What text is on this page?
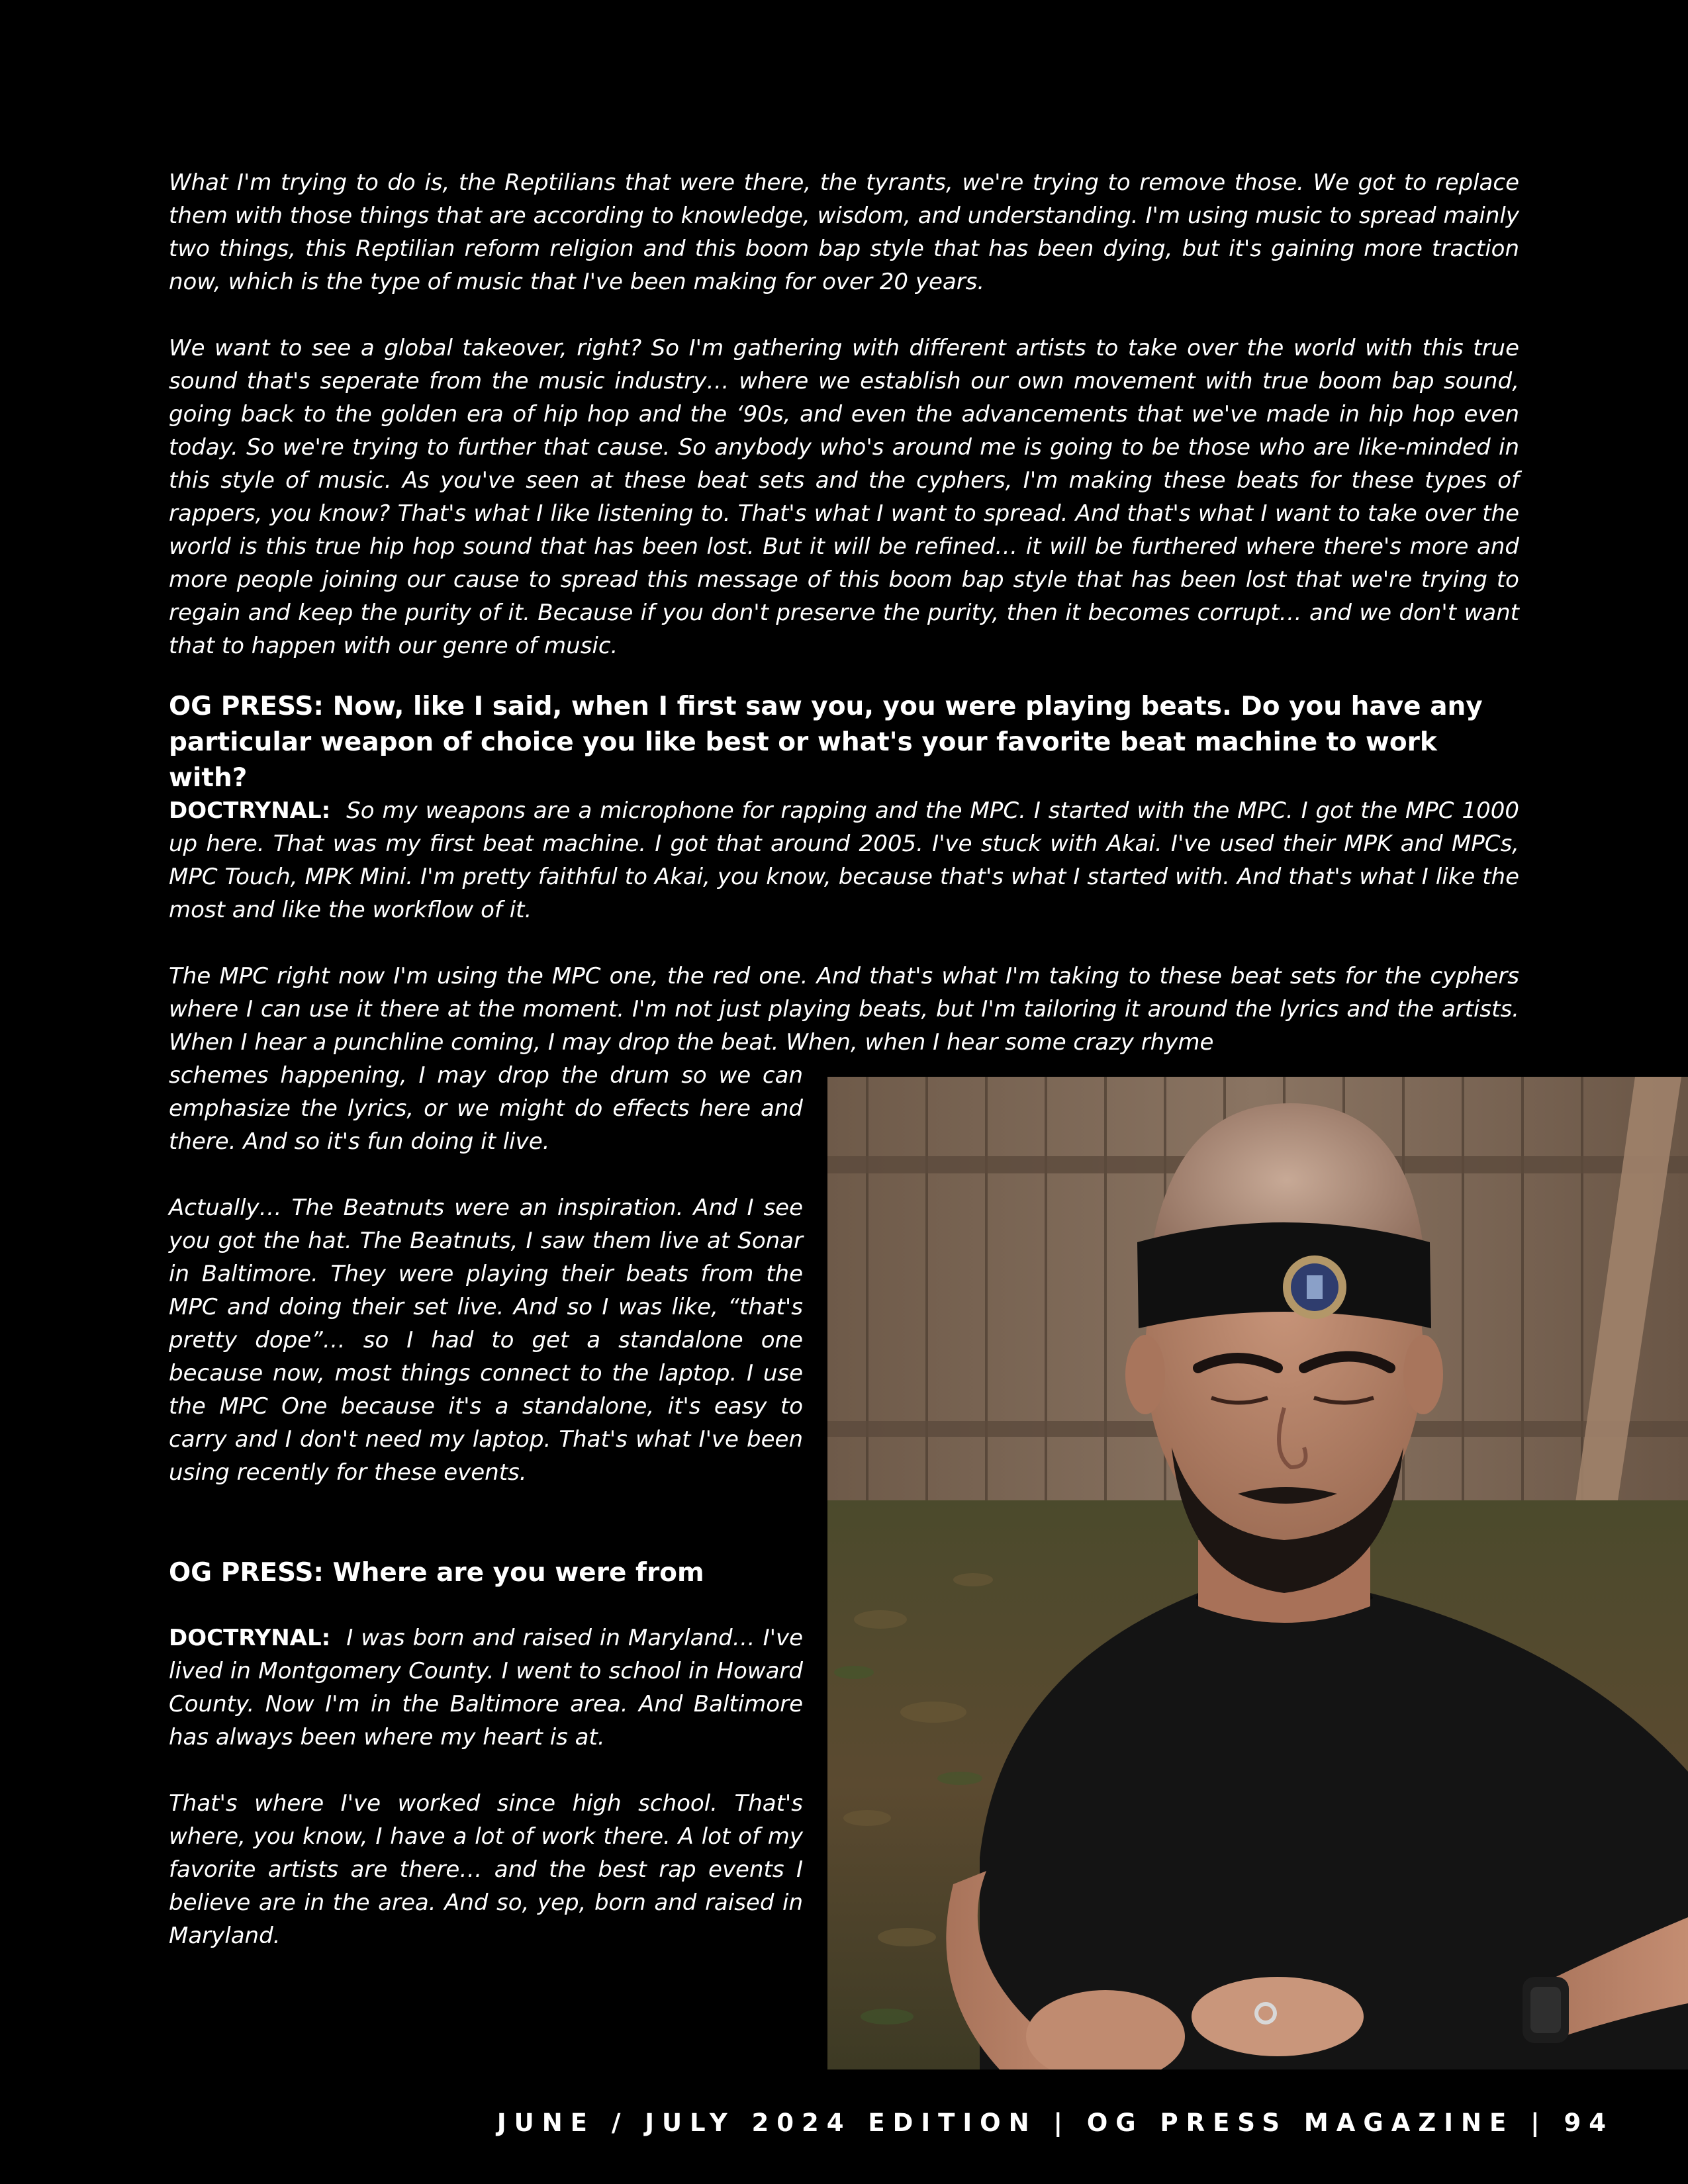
What I'm trying to do is, the Reptilians that were there, the tyrants, we're trying to remove those. We got to replace them with those things that are according to knowledge, wisdom, and understanding. I'm using music to spread mainly two things, this Reptilian reform religion and this boom bap style that has been dying, but it's gaining more traction now, which is the type of music that I've been making for over 20 years.

We want to see a global takeover, right? So I'm gathering with different artists to take over the world with this true sound that's seperate from the music industry… where we establish our own movement with true boom bap sound, going back to the golden era of hip hop and the ‘90s, and even the advancements that we've made in hip hop even today. So we're trying to further that cause. So anybody who's around me is going to be those who are like-minded in this style of music. As you've seen at these beat sets and the cyphers, I'm making these beats for these types of rappers, you know? That's what I like listening to. That's what I want to spread. And that's what I want to take over the world is this true hip hop sound that has been lost. But it will be refined… it will be furthered where there's more and more people joining our cause to spread this message of this boom bap style that has been lost that we're trying to regain and keep the purity of it. Because if you don't preserve the purity, then it becomes corrupt… and we don't want that to happen with our genre of music.

OG PRESS: Now, like I said, when I first saw you, you were playing beats. Do you have any particular weapon of choice you like best or what's your favorite beat machine to work with?

DOCTRYNAL: So my weapons are a microphone for rapping and the MPC. I started with the MPC. I got the MPC 1000 up here. That was my first beat machine. I got that around 2005. I've stuck with Akai. I've used their MPK and MPCs, MPC Touch, MPK Mini. I'm pretty faithful to Akai, you know, because that's what I started with. And that's what I like the most and like the workflow of it.

The MPC right now I'm using the MPC one, the red one. And that's what I'm taking to these beat sets for the cyphers where I can use it there at the moment. I'm not just playing beats, but I'm tailoring it around the lyrics and the artists. When I hear a punchline coming, I may drop the beat. When, when I hear some crazy rhyme

schemes happening, I may drop the drum so we can emphasize the lyrics, or we might do effects here and there. And so it's fun doing it live.

Actually… The Beatnuts were an inspiration. And I see you got the hat. The Beatnuts, I saw them live at Sonar in Baltimore. They were playing their beats from the MPC and doing their set live. And so I was like, “that's pretty dope”… so I had to get a standalone one because now, most things connect to the laptop. I use the MPC One because it's a standalone, it's easy to carry and I don't need my laptop. That's what I've been using recently for these events.

OG PRESS: Where are you were from

DOCTRYNAL: I was born and raised in Maryland… I've lived in Montgomery County. I went to school in Howard County. Now I'm in the Baltimore area. And Baltimore has always been where my heart is at.

That's where I've worked since high school. That's where, you know, I have a lot of work there. A lot of my favorite artists are there… and the best rap events I believe are in the area. And so, yep, born and raised in Maryland.

JUNE / JULY 2024 EDITION | OG PRESS MAGAZINE | 94
